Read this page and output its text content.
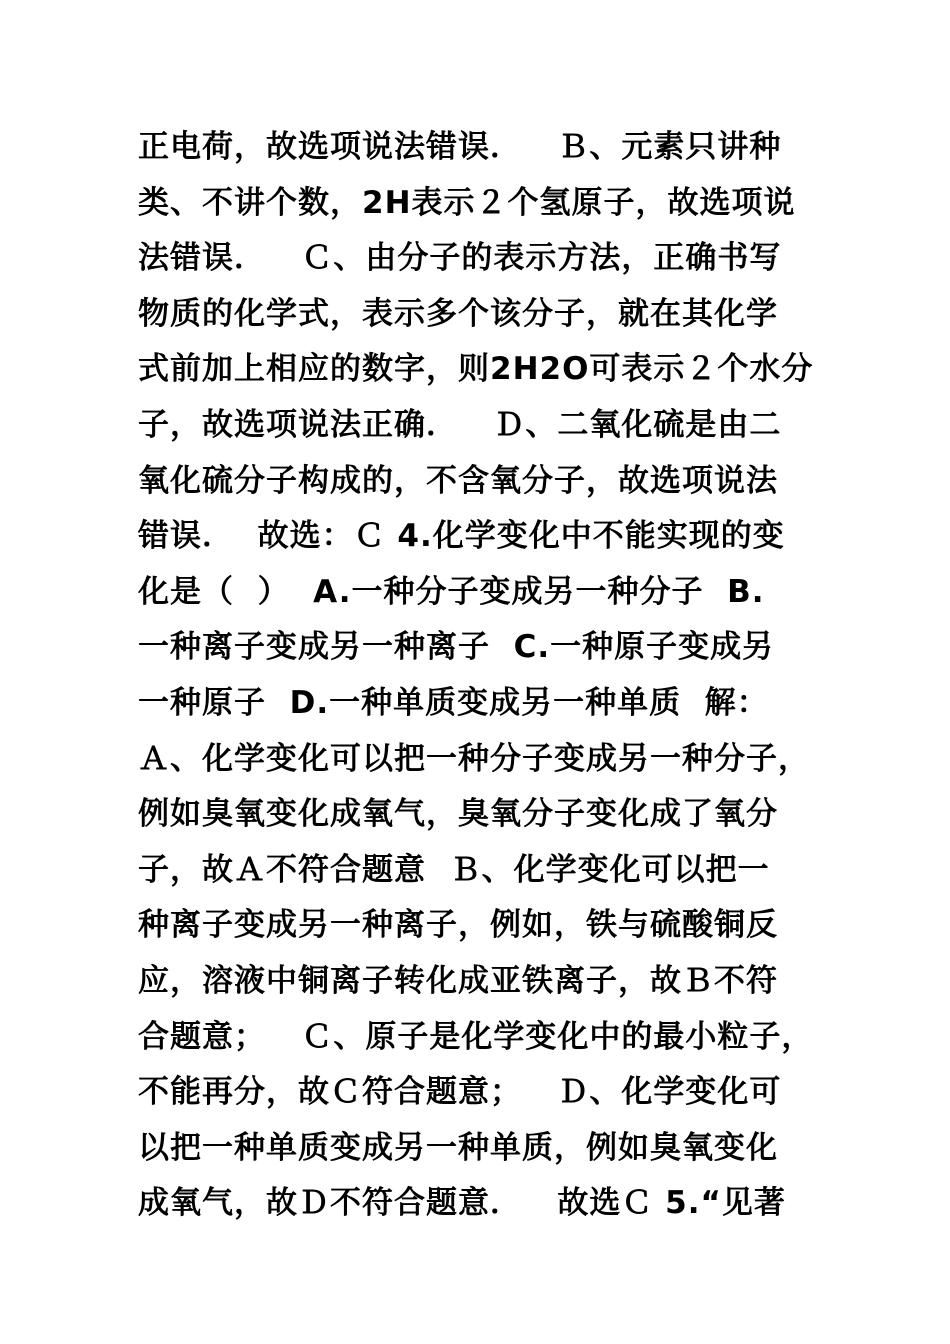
正电荷，故选项说法错误．   Ｂ、元素只讲种
类、不讲个数，2H表示２个氢原子，故选项说
法错误．   Ｃ、由分子的表示方法，正确书写
物质的化学式，表示多个该分子，就在其化学
式前加上相应的数字，则2H2O可表示２个水分
子，故选项说法正确．   Ｄ、二氧化硫是由二
氧化硫分子构成的，不含氧分子，故选项说法
错误．  故选：Ｃ 4.化学变化中不能实现的变
化是（  ）  A.一种分子变成另一种分子  B.
一种离子变成另一种离子  C.一种原子变成另
一种原子  D.一种单质变成另一种单质  解：
Ａ、化学变化可以把一种分子变成另一种分子，
例如臭氧变化成氧气，臭氧分子变化成了氧分
子，故Ａ不符合题意  Ｂ、化学变化可以把一
种离子变成另一种离子，例如，铁与硫酸铜反
应，溶液中铜离子转化成亚铁离子，故Ｂ不符
合题意；   Ｃ、原子是化学变化中的最小粒子，
不能再分，故Ｃ符合题意；   Ｄ、化学变化可
以把一种单质变成另一种单质，例如臭氧变化
成氧气，故Ｄ不符合题意．   故选Ｃ 5.“见著
